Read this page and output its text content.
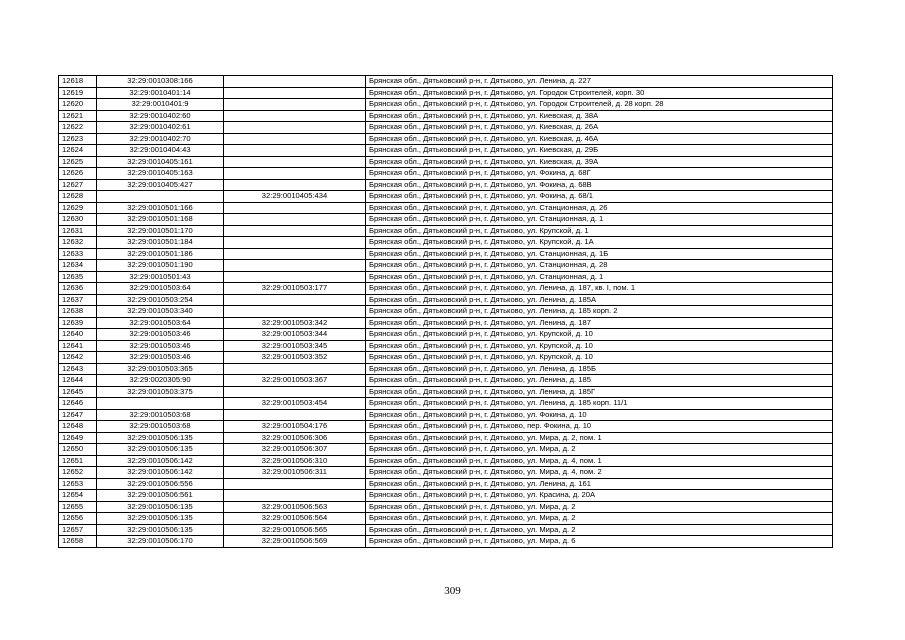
12618	32:29:0010308:166		Брянская обл., Дятьковский р-н, г. Дятьково, ул. Ленина, д. 227
12619	32:29:0010401:14		Брянская обл., Дятьковский р-н, г. Дятьково, ул. Городок Строителей, корп. 30
12620	32:29:0010401:9		Брянская обл., Дятьковский р-н, г. Дятьково, ул. Городок Строителей, д. 28 корп. 28
12621	32:29:0010402:60		Брянская обл., Дятьковский р-н, г. Дятьково, ул. Киевская, д. 38А
12622	32:29:0010402:61		Брянская обл., Дятьковский р-н, г. Дятьково, ул. Киевская, д. 26А
12623	32:29:0010402:70		Брянская обл., Дятьковский р-н, г. Дятьково, ул. Киевская, д. 46А
12624	32:29:0010404:43		Брянская обл., Дятьковский р-н, г. Дятьково, ул. Киевская, д. 29Б
12625	32:29:0010405:161		Брянская обл., Дятьковский р-н, г. Дятьково, ул. Киевская, д. 39А
12626	32:29:0010405:163		Брянская обл., Дятьковский р-н, г. Дятьково, ул. Фокина, д. 68Г
12627	32:29:0010405:427		Брянская обл., Дятьковский р-н, г. Дятьково, ул. Фокина, д. 68В
12628		32:29:0010405:434	Брянская обл., Дятьковский р-н, г. Дятьково, ул. Фокина, д. 68/1
12629	32:29:0010501:166		Брянская обл., Дятьковский р-н, г. Дятьково, ул. Станционная, д. 26
12630	32:29:0010501:168		Брянская обл., Дятьковский р-н, г. Дятьково, ул. Станционная, д. 1
12631	32:29:0010501:170		Брянская обл., Дятьковский р-н, г. Дятьково, ул. Крупской, д. 1
12632	32:29:0010501:184		Брянская обл., Дятьковский р-н, г. Дятьково, ул. Крупской, д. 1А
12633	32:29:0010501:186		Брянская обл., Дятьковский р-н, г. Дятьково, ул. Станционная, д. 1Б
12634	32:29:0010501:190		Брянская обл., Дятьковский р-н, г. Дятьково, ул. Станционная, д. 28
12635	32:29:0010501:43		Брянская обл., Дятьковский р-н, г. Дятьково, ул. Станционная, д. 1
12636	32:29:0010503:64	32:29:0010503:177	Брянская обл., Дятьковский р-н, г. Дятьково, ул. Ленина, д. 187, кв. I, пом. 1
12637	32:29:0010503:254		Брянская обл., Дятьковский р-н, г. Дятьково, ул. Ленина, д. 185А
12638	32:29:0010503:340		Брянская обл., Дятьковский р-н, г. Дятьково, ул. Ленина, д. 185 корп. 2
12639	32:29:0010503:64	32:29:0010503:342	Брянская обл., Дятьковский р-н, г. Дятьково, ул. Ленина, д. 187
12640	32:29:0010503:46	32:29:0010503:344	Брянская обл., Дятьковский р-н, г. Дятьково, ул. Крупской, д. 10
12641	32:29:0010503:46	32:29:0010503:345	Брянская обл., Дятьковский р-н, г. Дятьково, ул. Крупской, д. 10
12642	32:29:0010503:46	32:29:0010503:352	Брянская обл., Дятьковский р-н, г. Дятьково, ул. Крупской, д. 10
12643	32:29:0010503:365		Брянская обл., Дятьковский р-н, г. Дятьково, ул. Ленина, д. 185Б
12644	32:29:0020305:90	32:29:0010503:367	Брянская обл., Дятьковский р-н, г. Дятьково, ул. Ленина, д. 185
12645	32:29:0010503:375		Брянская обл., Дятьковский р-н, г. Дятьково, ул. Ленина, д. 185Г
12646		32:29:0010503:454	Брянская обл., Дятьковский р-н, г. Дятьково, ул. Ленина, д. 185 корп. 11/1
12647	32:29:0010503:68		Брянская обл., Дятьковский р-н, г. Дятьково, ул. Фокина, д. 10
12648	32:29:0010503:68	32:29:0010504:176	Брянская обл., Дятьковский р-н, г. Дятьково, пер. Фокина, д. 10
12649	32:29:0010506:135	32:29:0010506:306	Брянская обл., Дятьковский р-н, г. Дятьково, ул. Мира, д. 2, пом. 1
12650	32:29:0010506:135	32:29:0010506:307	Брянская обл., Дятьковский р-н, г. Дятьково, ул. Мира, д. 2
12651	32:29:0010506:142	32:29:0010506:310	Брянская обл., Дятьковский р-н, г. Дятьково, ул. Мира, д. 4, пом. 1
12652	32:29:0010506:142	32:29:0010506:311	Брянская обл., Дятьковский р-н, г. Дятьково, ул. Мира, д. 4, пом. 2
12653	32:29:0010506:556		Брянская обл., Дятьковский р-н, г. Дятьково, ул. Ленина, д. 161
12654	32:29:0010506:561		Брянская обл., Дятьковский р-н, г. Дятьково, ул. Красина, д. 20А
12655	32:29:0010506:135	32:29:0010506:563	Брянская обл., Дятьковский р-н, г. Дятьково, ул. Мира, д. 2
12656	32:29:0010506:135	32:29:0010506:564	Брянская обл., Дятьковский р-н, г. Дятьково, ул. Мира, д. 2
12657	32:29:0010506:135	32:29:0010506:565	Брянская обл., Дятьковский р-н, г. Дятьково, ул. Мира, д. 2
12658	32:29:0010506:170	32:29:0010506:569	Брянская обл., Дятьковский р-н, г. Дятьково, ул. Мира, д. 6
309
